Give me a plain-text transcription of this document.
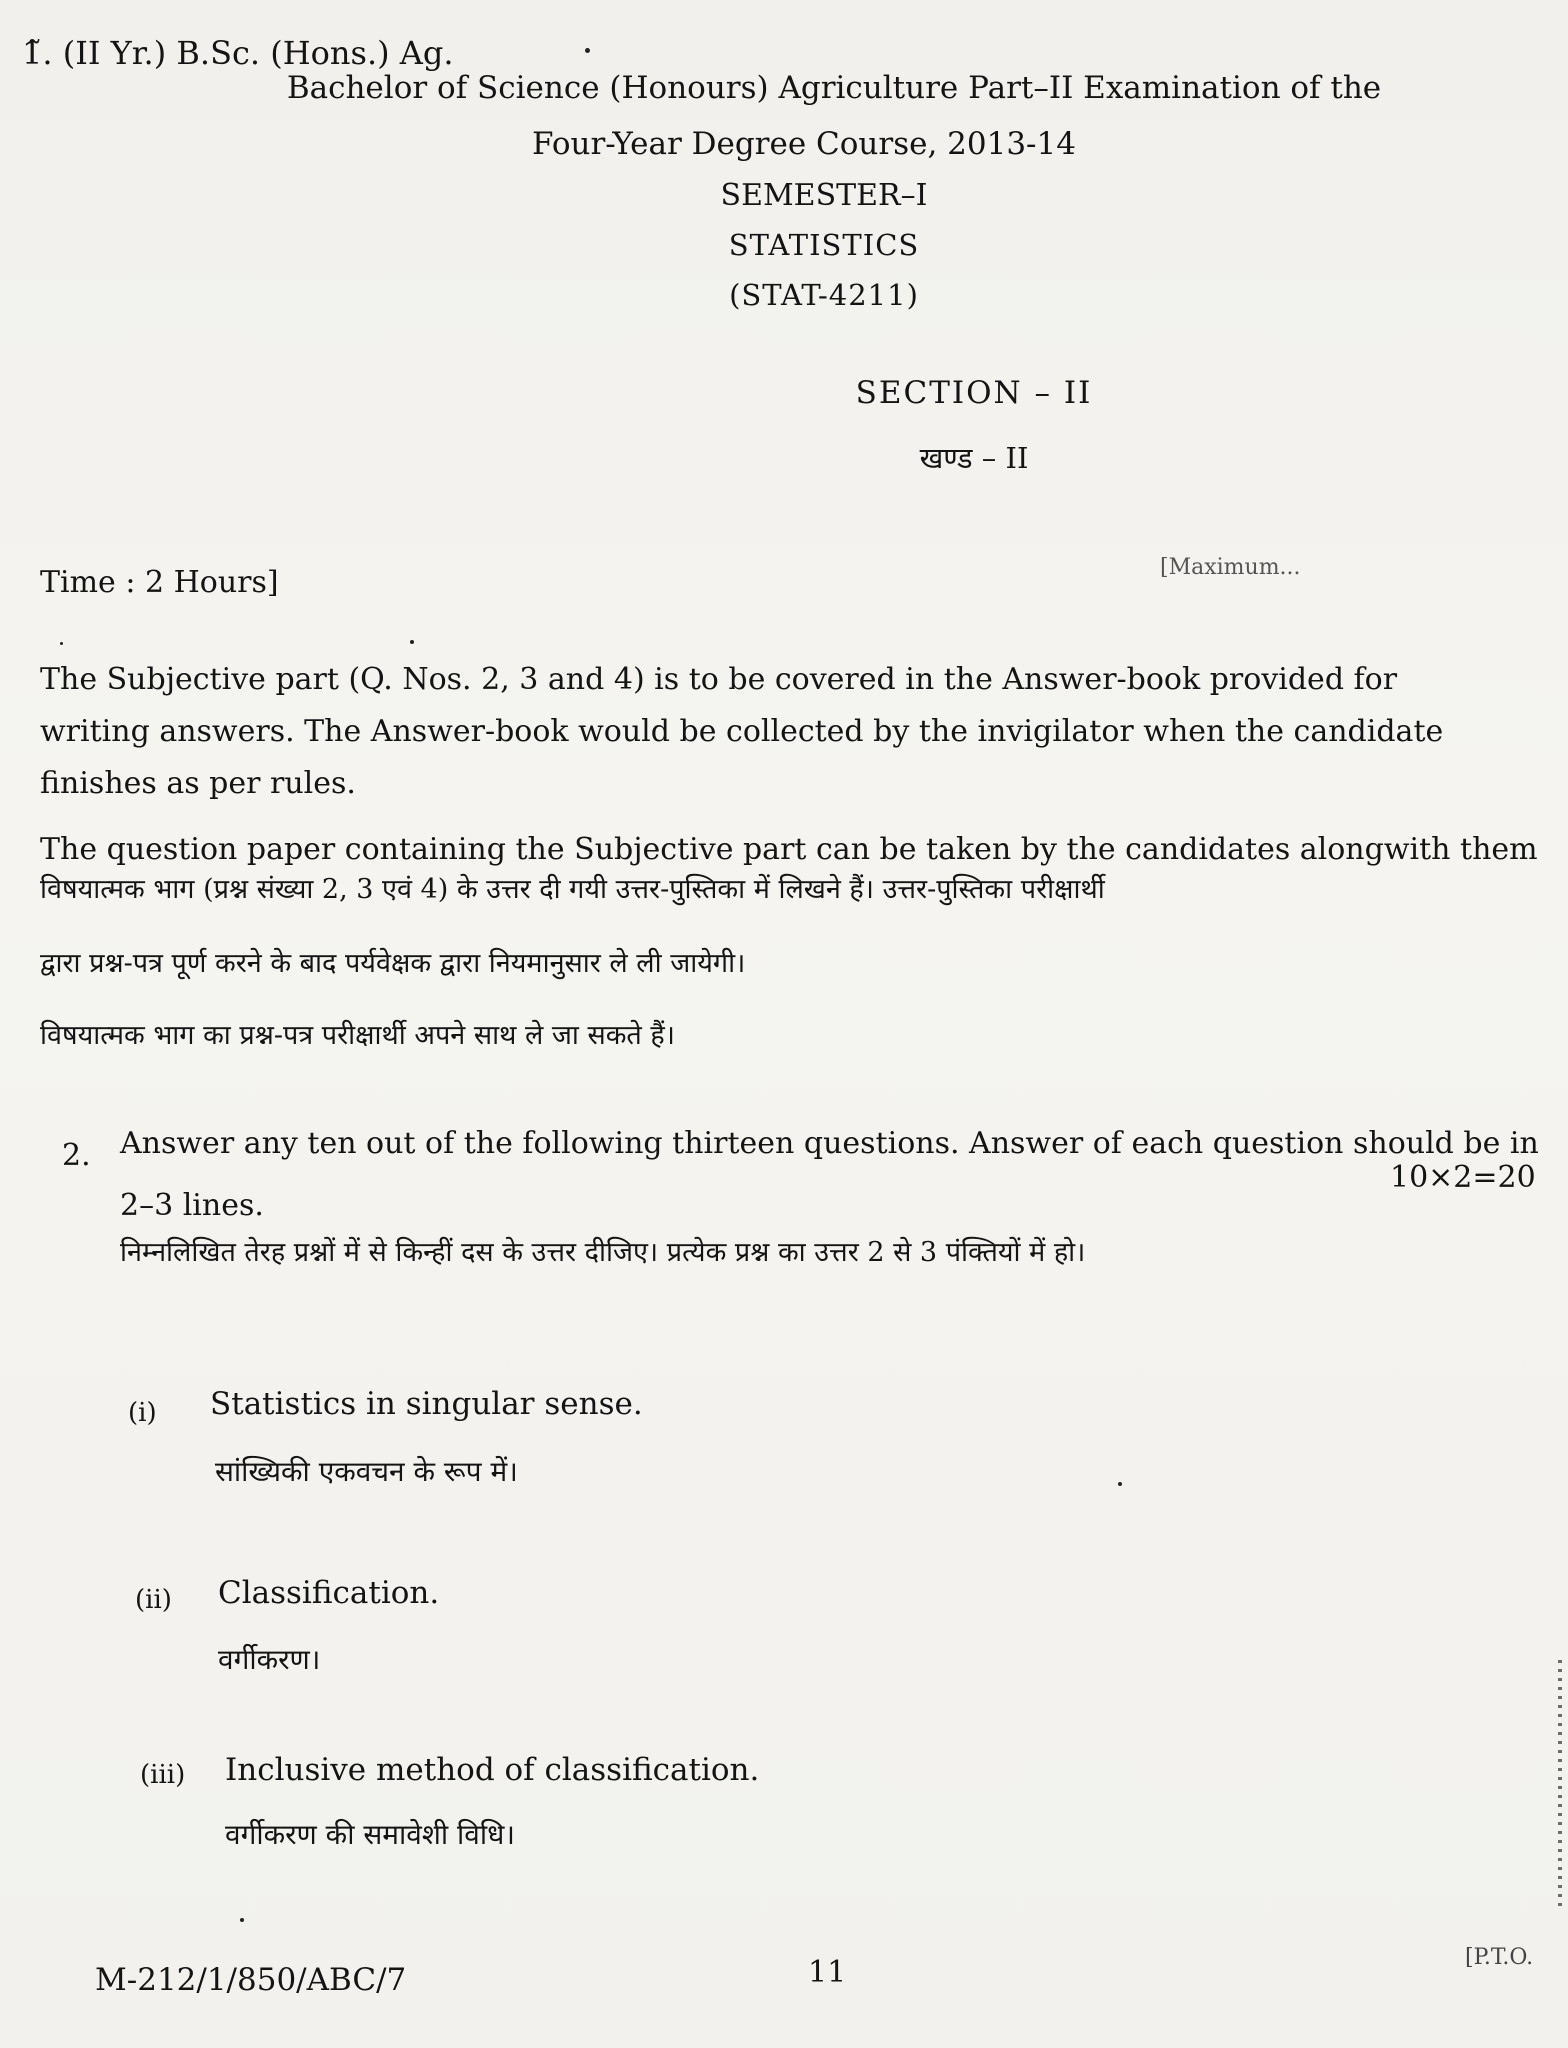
1̃. (II Yr.) B.Sc. (Hons.) Ag.
Bachelor of Science (Honours) Agriculture Part–II Examination of the
Four-Year Degree Course, 2013-14
SEMESTER–I
STATISTICS
(STAT-4211)
SECTION – II
खण्ड – II
Time : 2 Hours]	[Maximum...
The Subjective part (Q. Nos. 2, 3 and 4) is to be covered in the Answer-book provided for
writing answers. The Answer-book would be collected by the invigilator when the candidate
finishes as per rules.
The question paper containing the Subjective part can be taken by the candidates alongwith them
विषयात्मक भाग (प्रश्न संख्या 2, 3 एवं 4) के उत्तर दी गयी उत्तर-पुस्तिका में लिखने हैं। उत्तर-पुस्तिका परीक्षार्थी
द्वारा प्रश्न-पत्र पूर्ण करने के बाद पर्यवेक्षक द्वारा नियमानुसार ले ली जायेगी।
विषयात्मक भाग का प्रश्न-पत्र परीक्षार्थी अपने साथ ले जा सकते हैं।
2. Answer any ten out of the following thirteen questions. Answer of each question should be in
2–3 lines.
10×2=20
निम्नलिखित तेरह प्रश्नों में से किन्हीं दस के उत्तर दीजिए। प्रत्येक प्रश्न का उत्तर 2 से 3 पंक्तियों में हो।
(i) Statistics in singular sense.
सांख्यिकी एकवचन के रूप में।
(ii) Classification.
वर्गीकरण।
(iii) Inclusive method of classification.
वर्गीकरण की समावेशी विधि।
M-212/1/850/ABC/7	11	[P.T.O.
